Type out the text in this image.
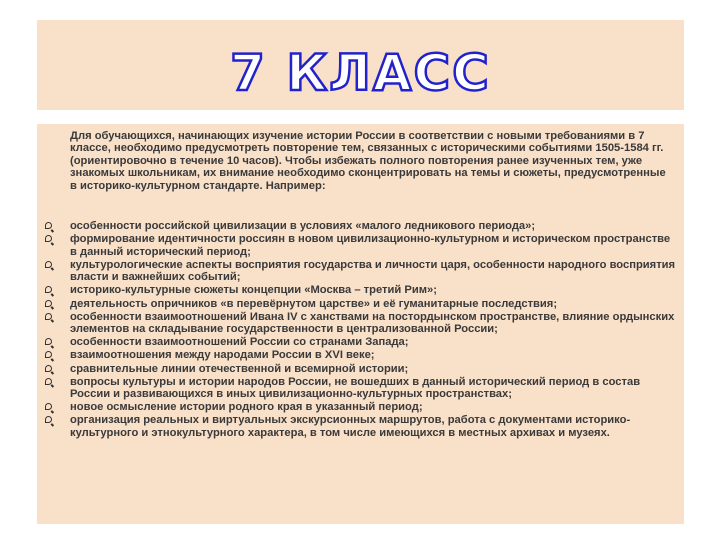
7 КЛАСС

Для обучающихся, начинающих изучение истории России в соответствии с новыми требованиями в 7 классе, необходимо предусмотреть повторение тем, связанных с историческими событиями 1505-1584 гг. (ориентировочно в течение 10 часов). Чтобы избежать полного повторения ранее изученных тем, уже знакомых школьникам, их внимание необходимо сконцентрировать на темы и сюжеты, предусмотренные в историко-культурном стандарте. Например:

особенности российской цивилизации в условиях «малого ледникового периода»;
формирование идентичности россиян в новом цивилизационно-культурном и историческом пространстве в данный исторический период;
культурологические аспекты восприятия государства и личности царя, особенности народного восприятия власти и важнейших событий;
историко-культурные сюжеты концепции «Москва – третий Рим»;
деятельность опричников «в перевёрнутом царстве» и её гуманитарные последствия;
особенности взаимоотношений Ивана IV с ханствами на постордынском пространстве, влияние ордынских элементов на складывание государственности в централизованной России;
особенности взаимоотношений России со странами Запада;
взаимоотношения между народами России в XVI веке;
сравнительные линии отечественной и всемирной истории;
вопросы культуры и истории народов России, не вошедших в данный исторический период в состав России и развивающихся в иных цивилизационно-культурных пространствах;
новое осмысление истории родного края в указанный период;
организация реальных и виртуальных экскурсионных маршрутов, работа с документами историко-культурного и этнокультурного характера, в том числе имеющихся в местных архивах и музеях.
